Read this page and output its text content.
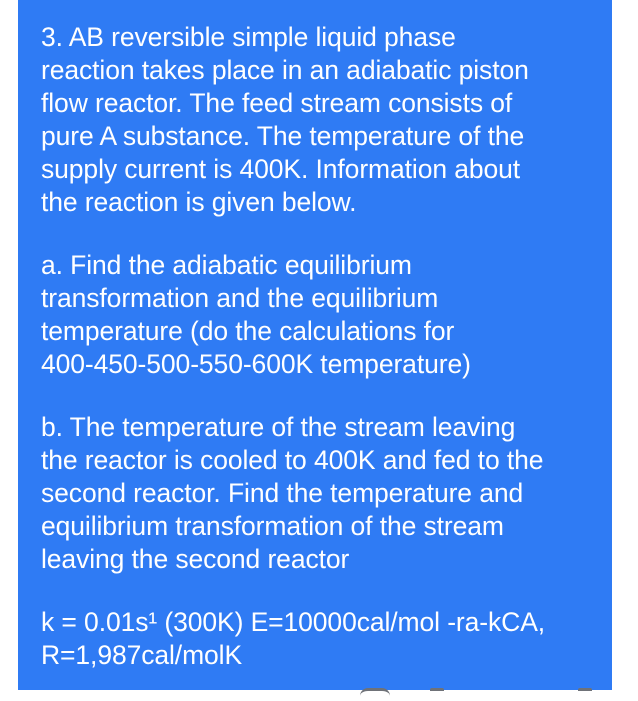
3. AB reversible simple liquid phase
reaction takes place in an adiabatic piston
flow reactor. The feed stream consists of
pure A substance. The temperature of the
supply current is 400K. Information about
the reaction is given below.

a. Find the adiabatic equilibrium
transformation and the equilibrium
temperature (do the calculations for
400-450-500-550-600K temperature)

b. The temperature of the stream leaving
the reactor is cooled to 400K and fed to the
second reactor. Find the temperature and
equilibrium transformation of the stream
leaving the second reactor

k = 0.01s¹ (300K) E=10000cal/mol -ra-kCA,
R=1,987cal/molK
